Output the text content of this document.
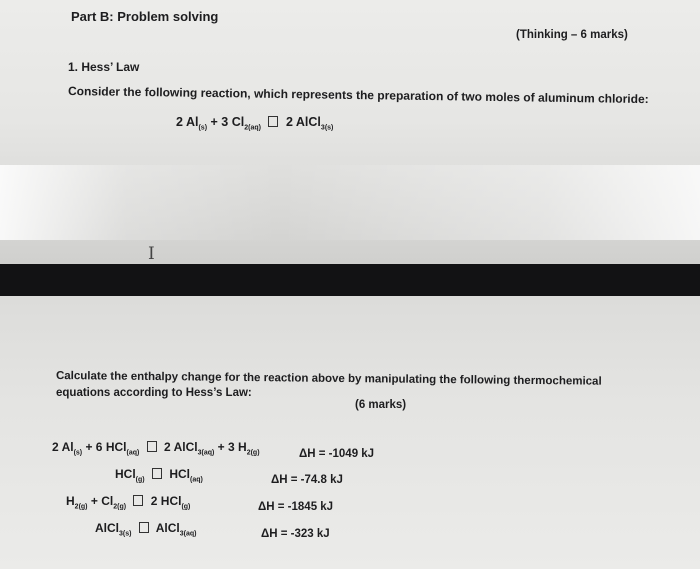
Part B: Problem solving
(Thinking – 6 marks)
1. Hess’ Law
Consider the following reaction, which represents the preparation of two moles of aluminum chloride:
2 $Al_{(s)} + 3$ $Cl_{2(aq)}$ 2 AlCl$_{3(s)}$
I
Calculate the enthalpy change for the reaction above by manipulating the following thermochemical
equations according to Hess’s Law:
(6 marks)
2 $Al_{(s)} + 6$ HCl$_{(aq)}$ 2 AlCl$_{3(aq)}$ + 3 $H_{2(g)}$	ΔH = -1049 kJ
HCl$_{(g)}$ HCl$_{(aq)}$	ΔH = -74.8 kJ
$H_{2(g)} + Cl_{2(g)}$ 2 HCl$_{(g)}$	ΔH = -1845 kJ
AlCl$_{3(s)}$ AlCl$_{3(aq)}$	ΔH = -323 kJ
